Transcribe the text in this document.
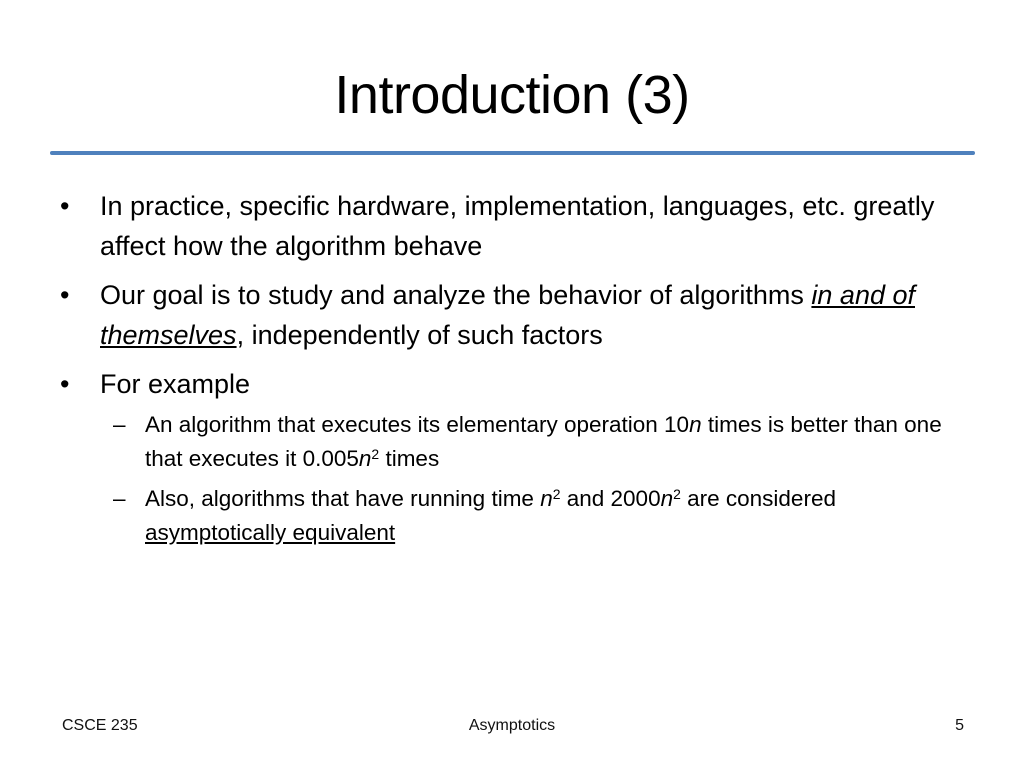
Introduction (3)
•	In practice, specific hardware, implementation, languages, etc. greatly affect how the algorithm behave
•	Our goal is to study and analyze the behavior of algorithms in and of themselves, independently of such factors
•	For example
– An algorithm that executes its elementary operation 10n times is better than one that executes it $0.005n^2$ times
– Also, algorithms that have running time $n^2$ and $2000n^2$ are considered asymptotically equivalent
CSCE 235	Asymptotics	5
